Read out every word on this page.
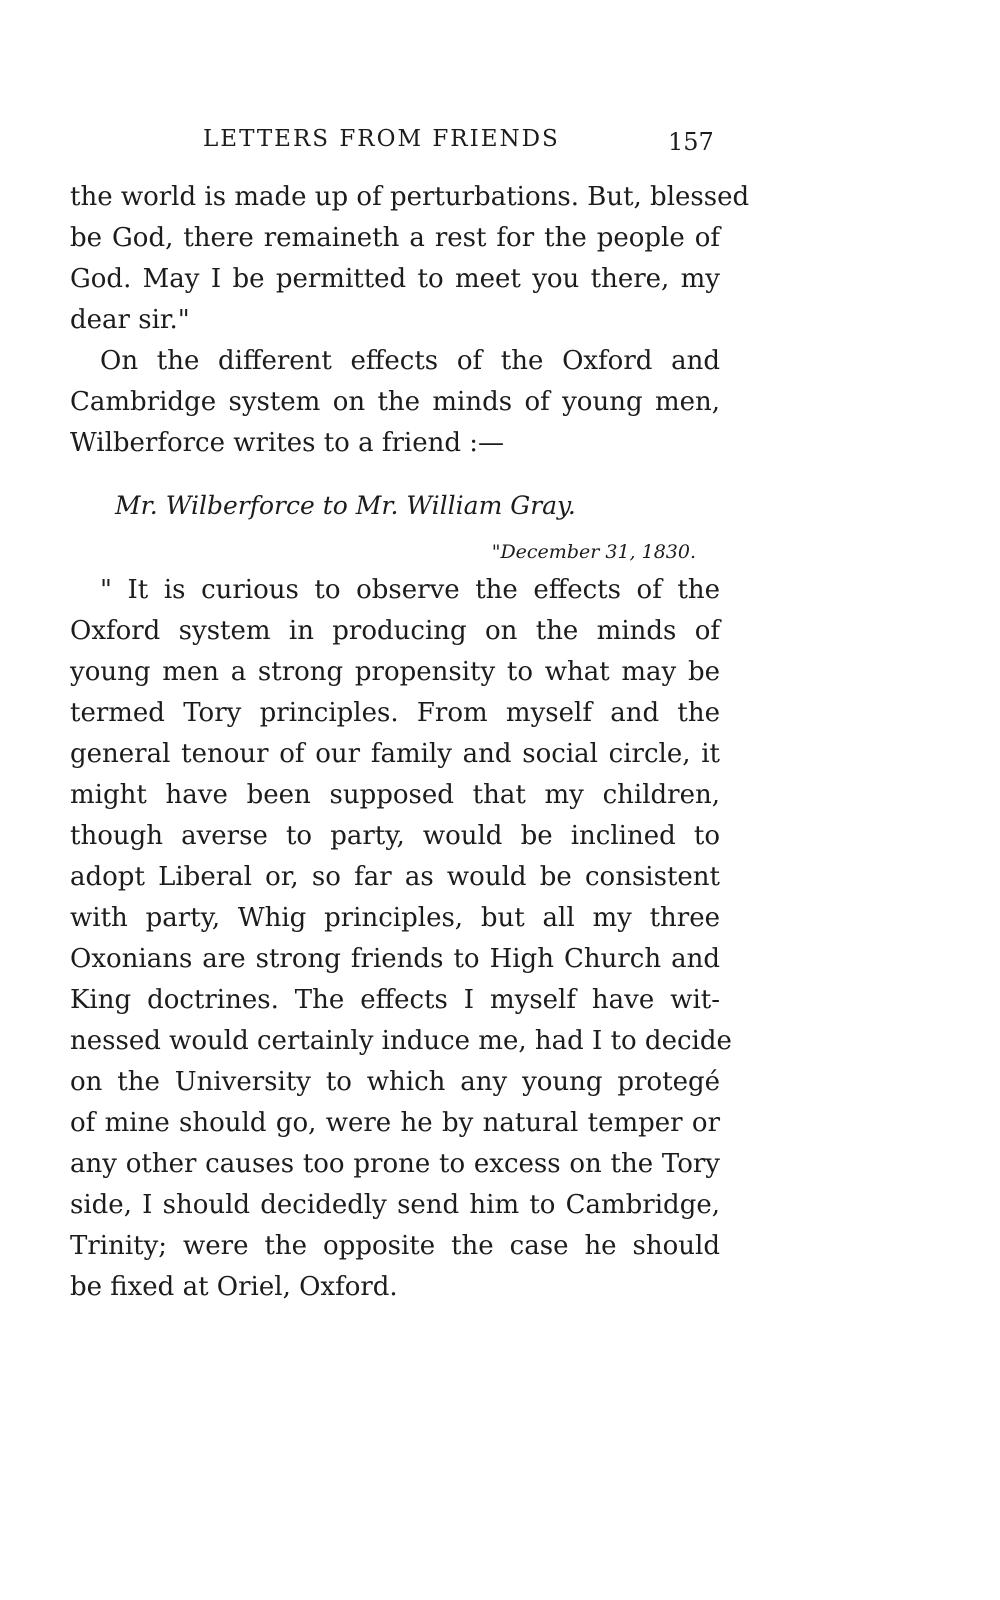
LETTERS FROM FRIENDS	157
the world is made up of perturbations. But, blessed
be God, there remaineth a rest for the people of
God. May I be permitted to meet you there, my
dear sir."
On the different effects of the Oxford and
Cambridge system on the minds of young men,
Wilberforce writes to a friend :—
Mr. Wilberforce to Mr. William Gray.
"December 31, 1830.
" It is curious to observe the effects of the
Oxford system in producing on the minds of
young men a strong propensity to what may be
termed Tory principles. From myself and the
general tenour of our family and social circle, it
might have been supposed that my children,
though averse to party, would be inclined to
adopt Liberal or, so far as would be consistent
with party, Whig principles, but all my three
Oxonians are strong friends to High Church and
King doctrines. The effects I myself have wit-
nessed would certainly induce me, had I to decide
on the University to which any young protegé
of mine should go, were he by natural temper or
any other causes too prone to excess on the Tory
side, I should decidedly send him to Cambridge,
Trinity; were the opposite the case he should
be fixed at Oriel, Oxford.
